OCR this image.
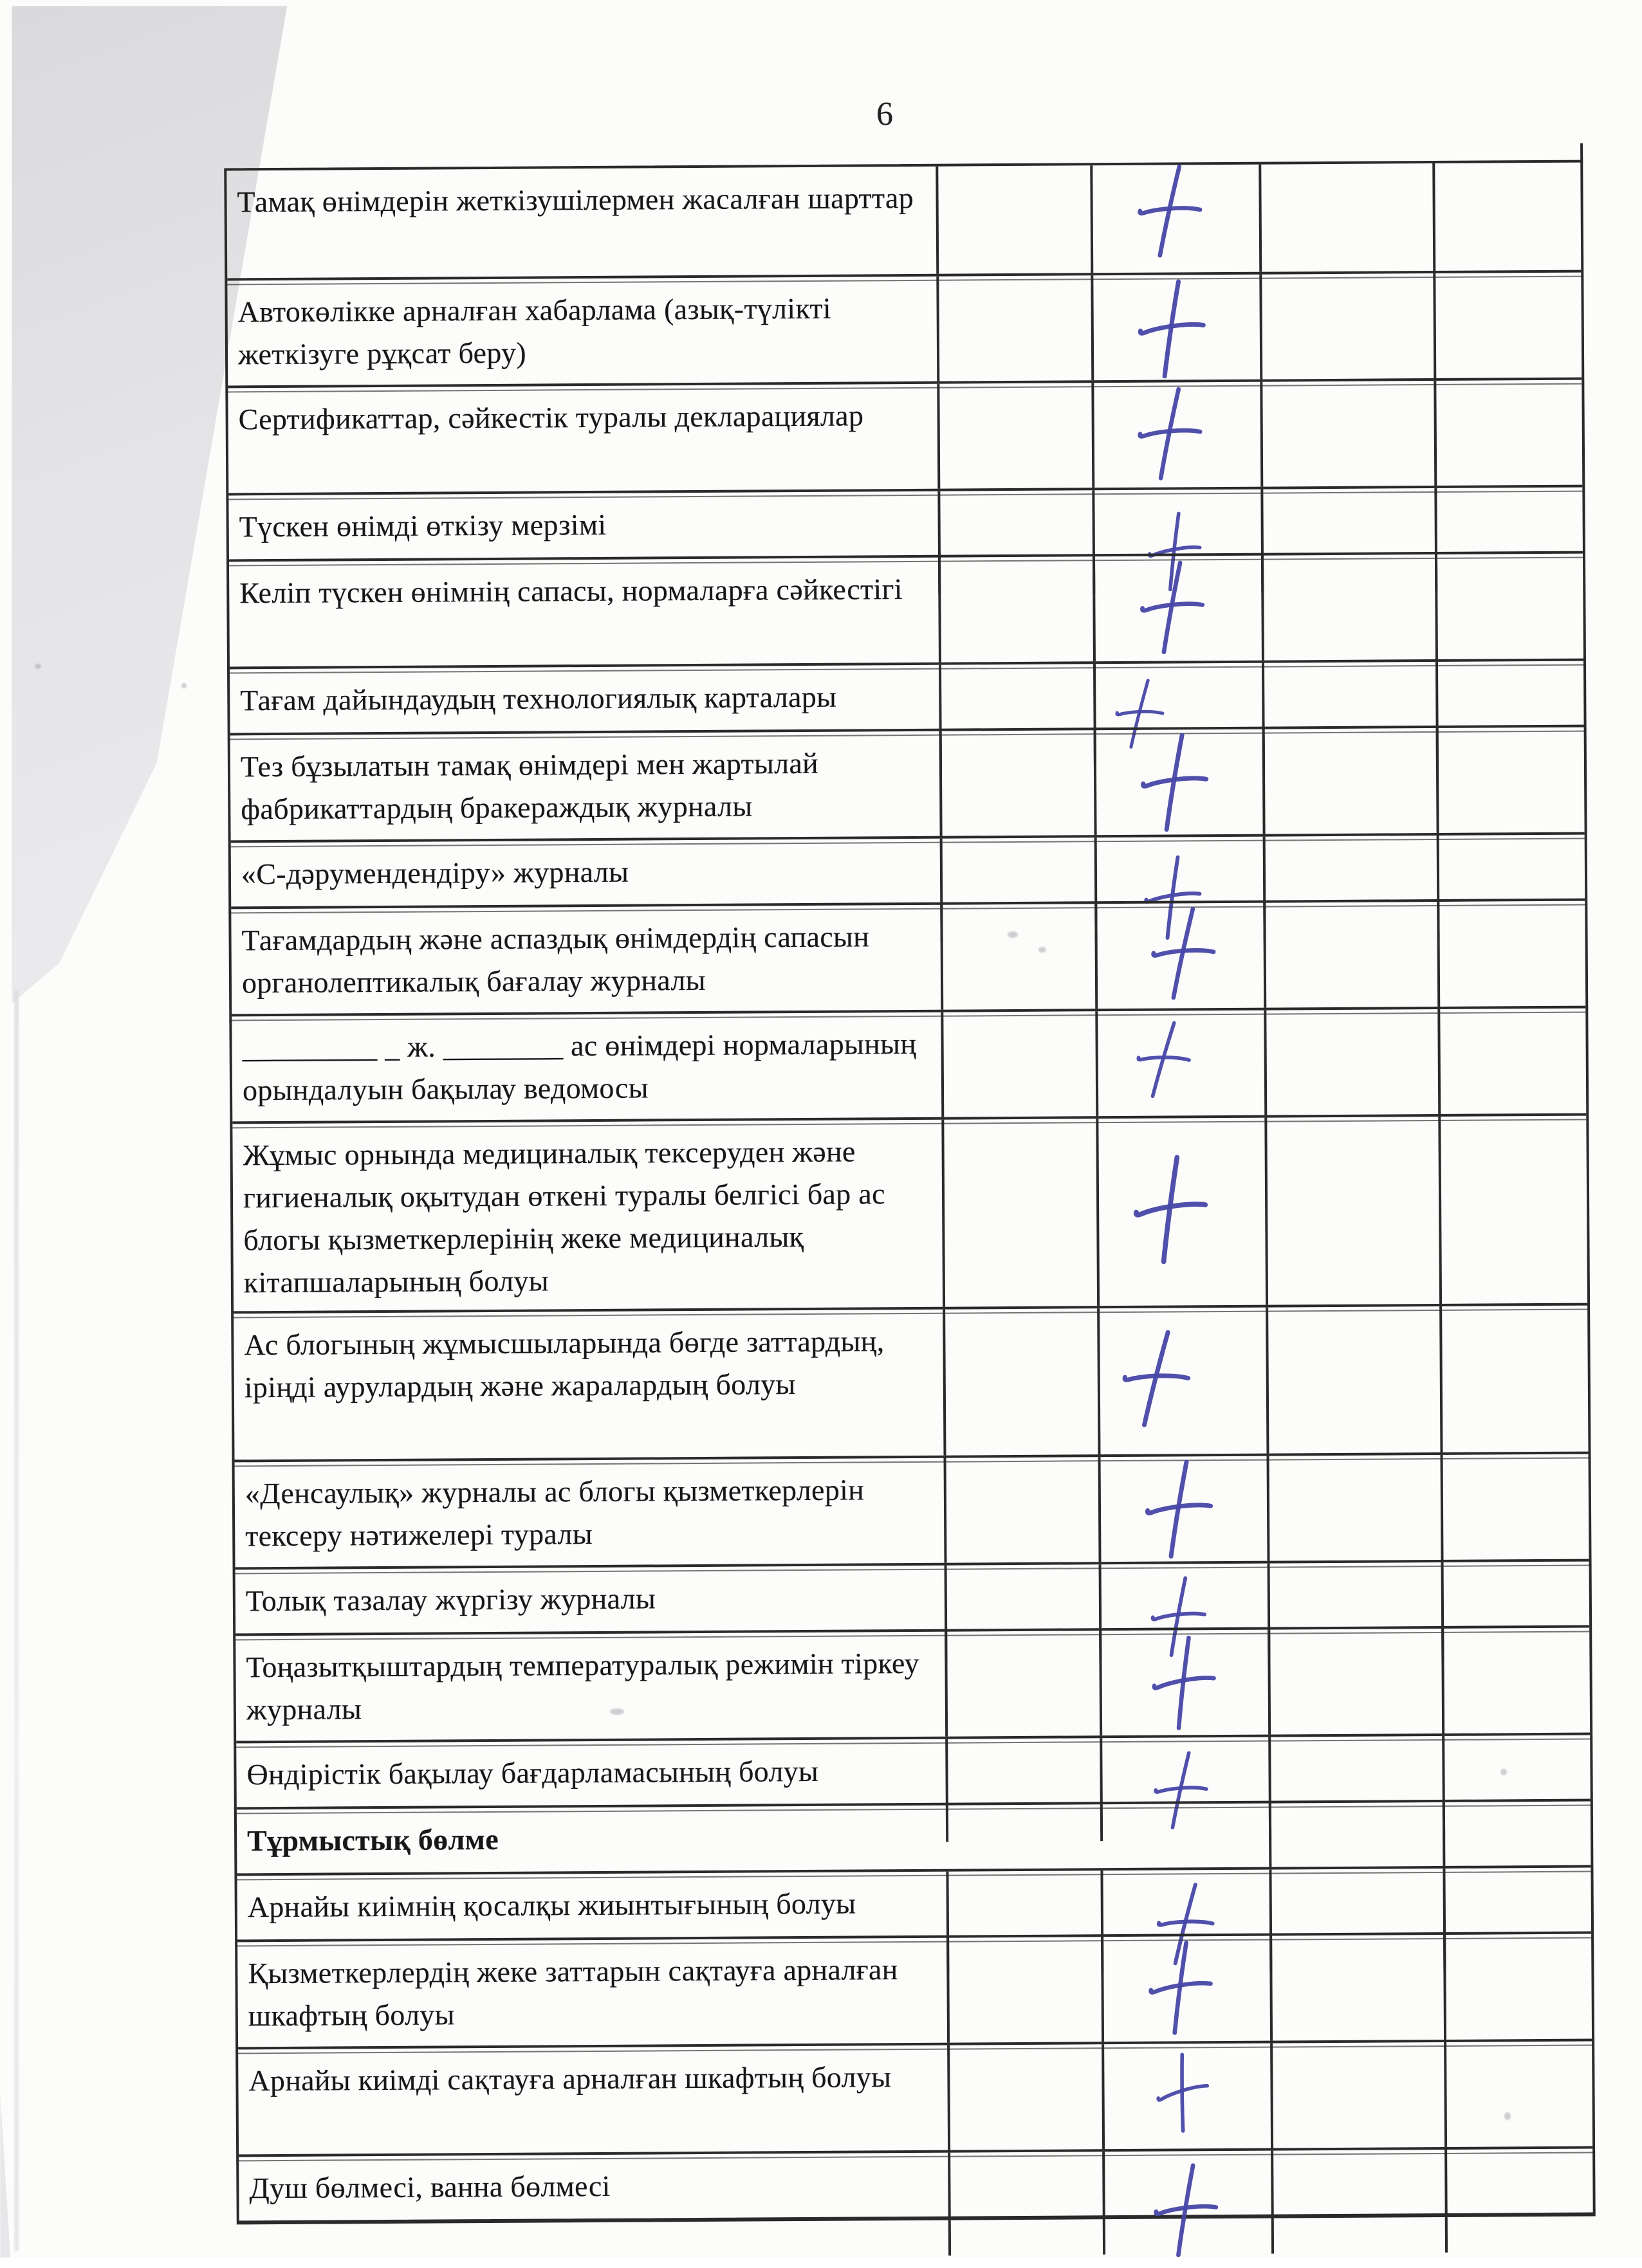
6
Тамақ өнімдерін жеткізушілермен жасалған шарттар
Автокөлікке арналған хабарлама (азық-түлікті жеткізуге рұқсат беру)
Сертификаттар, сәйкестік туралы декларациялар
Түскен өнімді өткізу мерзімі
Келіп түскен өнімнің сапасы, нормаларға сәйкестігі
Тағам дайындаудың технологиялық карталары
Тез бұзылатын тамақ өнімдері мен жартылай фабрикаттардың бракераждық журналы
«С-дәрумендендіру» журналы
Тағамдардың және аспаздық өнімдердің сапасын органолептикалық бағалау журналы
_________ _ ж. ________ ас өнімдері нормаларының орындалуын бақылау ведомосы
Жұмыс орнында медициналық тексеруден және гигиеналық оқытудан өткені туралы белгісі бар ас блогы қызметкерлерінің жеке медициналық кітапшаларының болуы
Ас блогының жұмысшыларында бөгде заттардың, іріңді аурулардың және жаралардың болуы
«Денсаулық» журналы ас блогы қызметкерлерін тексеру нәтижелері туралы
Толық тазалау жүргізу журналы
Тоңазытқыштардың температуралық режимін тіркеу журналы
Өндірістік бақылау бағдарламасының болуы
Тұрмыстық бөлме
Арнайы киімнің қосалқы жиынтығының болуы
Қызметкерлердің жеке заттарын сақтауға арналған шкафтың болуы
Арнайы киімді сақтауға арналған шкафтың болуы
Душ бөлмесі, ванна бөлмесі
